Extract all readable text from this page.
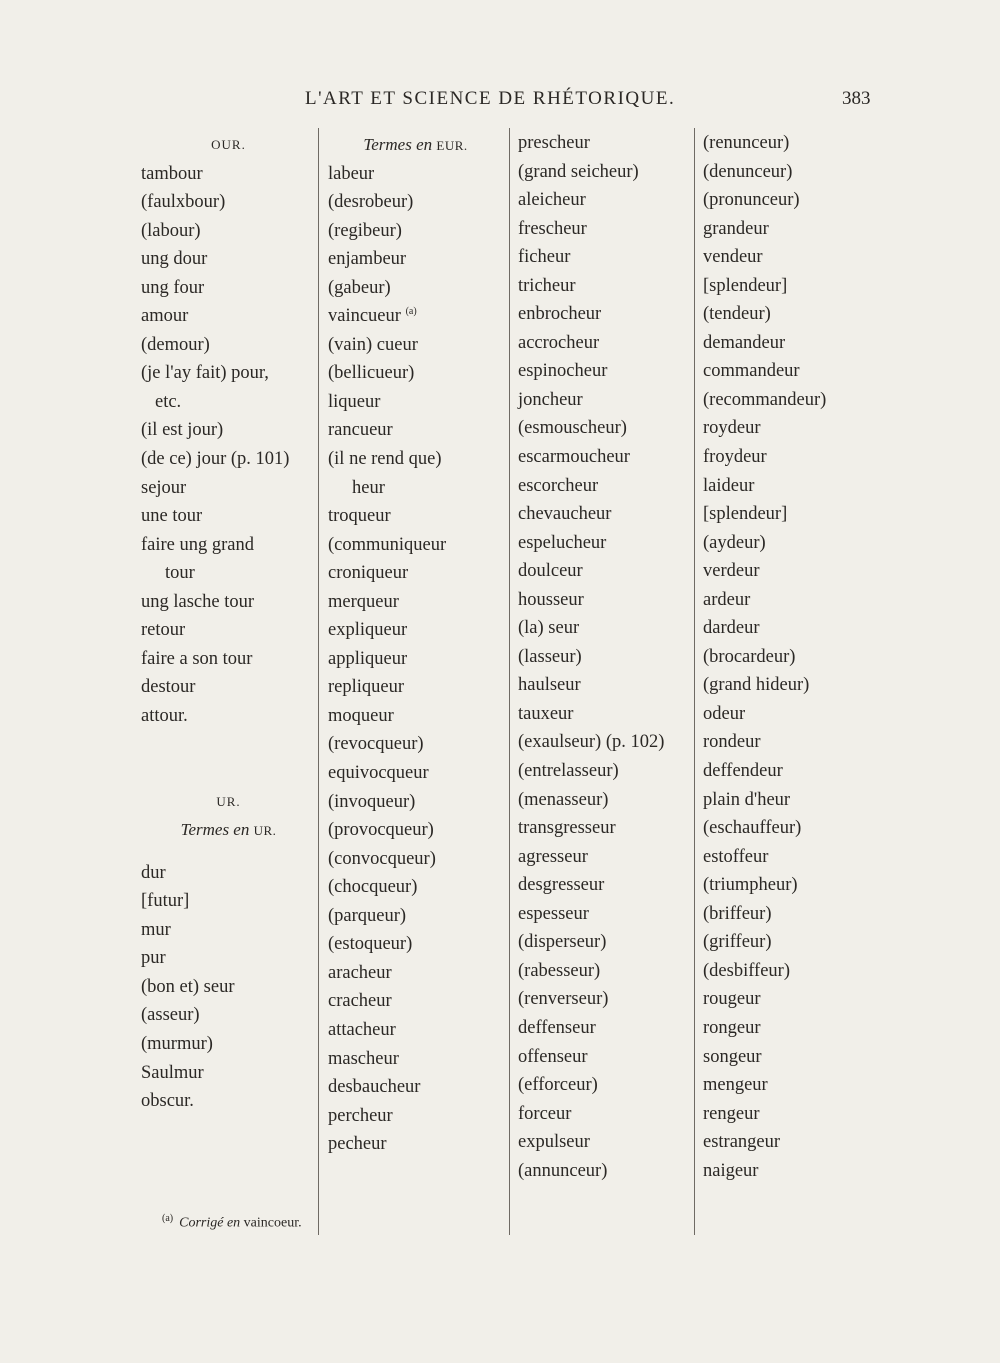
L'ART ET SCIENCE DE RHÉTORIQUE.	383
OUR.
tambour
(faulxbour)
(labour)
ung dour
ung four
amour
(demour)
(je l'ay fait) pour,
etc.
(il est jour)
(de ce) jour (p. 101)
sejour
une tour
faire ung grand
tour
ung lasche tour
retour
faire a son tour
destour
attour.
UR.
Termes en UR.
dur
[futur]
mur
pur
(bon et) seur
(asseur)
(murmur)
Saulmur
obscur.
Termes en EUR.
labeur
(desrobeur)
(regibeur)
enjambeur
(gabeur)
vaincueur $^{(a)}$
(vain) cueur
(bellicueur)
liqueur
rancueur
(il ne rend que)
heur
troqueur
(communiqueur
croniqueur
merqueur
expliqueur
appliqueur
repliqueur
moqueur
(revocqueur)
equivocqueur
(invoqueur)
(provocqueur)
(convocqueur)
(chocqueur)
(parqueur)
(estoqueur)
aracheur
cracheur
attacheur
mascheur
desbaucheur
percheur
pecheur
prescheur
(grand seicheur)
aleicheur
frescheur
ficheur
tricheur
enbrocheur
accrocheur
espinocheur
joncheur
(esmouscheur)
escarmoucheur
escorcheur
chevaucheur
espelucheur
doulceur
housseur
(la) seur
(lasseur)
haulseur
tauxeur
(exaulseur) (p. 102)
(entrelasseur)
(menasseur)
transgresseur
agresseur
desgresseur
espesseur
(disperseur)
(rabesseur)
(renverseur)
deffenseur
offenseur
(efforceur)
forceur
expulseur
(annunceur)
(renunceur)
(denunceur)
(pronunceur)
grandeur
vendeur
[splendeur]
(tendeur)
demandeur
commandeur
(recommandeur)
roydeur
froydeur
laideur
[splendeur]
(aydeur)
verdeur
ardeur
dardeur
(brocardeur)
(grand hideur)
odeur
rondeur
deffendeur
plain d'heur
(eschauffeur)
estoffeur
(triumpheur)
(briffeur)
(griffeur)
(desbiffeur)
rougeur
rongeur
songeur
mengeur
rengeur
estrangeur
naigeur
$^{(a)}$ Corrigé en vaincoeur.
